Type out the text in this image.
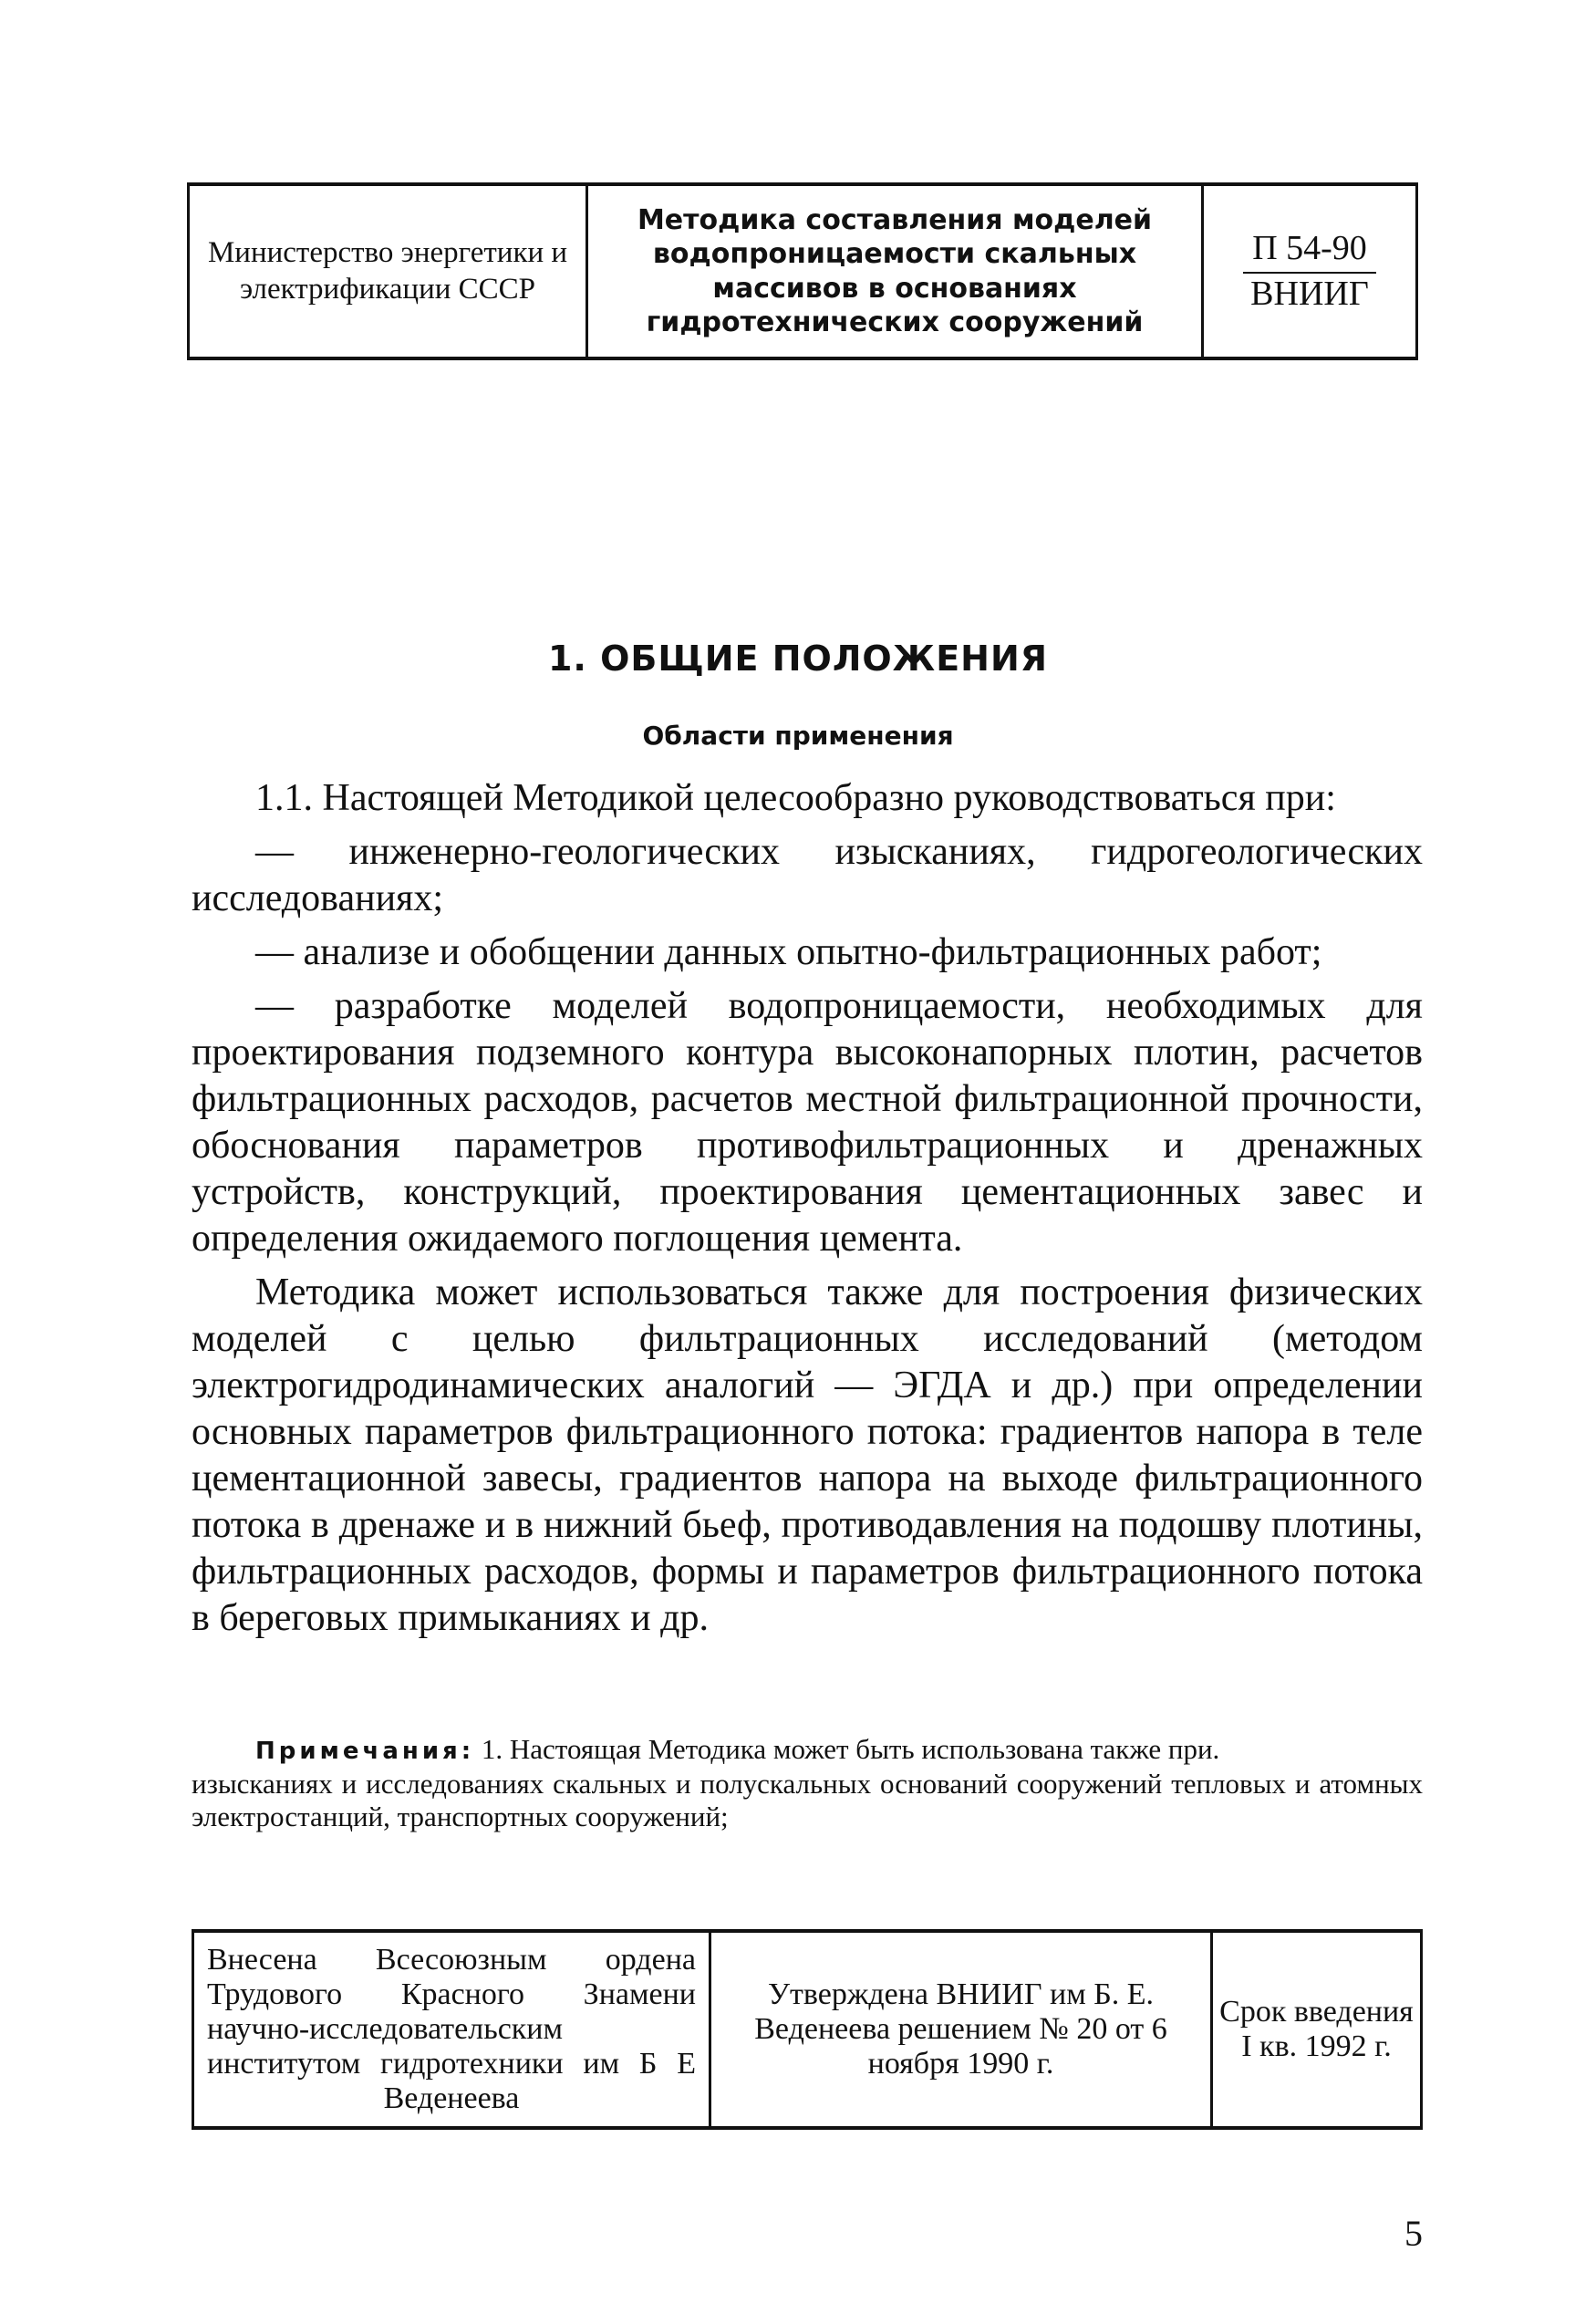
Министерство энергетики и электрификации СССР
Методика составления моделей водопроницаемости скальных массивов в основаниях гидротехнических сооружений
П 54-90
ВНИИГ
1. ОБЩИЕ ПОЛОЖЕНИЯ
Области применения

1.1. Настоящей Методикой целесообразно руководствоваться при:

— инженерно-геологических изысканиях, гидрогеологических исследованиях;

— анализе и обобщении данных опытно-фильтрационных работ;

— разработке моделей водопроницаемости, необходимых для проектирования подземного контура высоконапорных плотин, расчетов фильтрационных расходов, расчетов местной фильтрационной прочности, обоснования параметров противофильтрационных и дренажных устройств, конструкций, проектирования цементационных завес и определения ожидаемого поглощения цемента.

Методика может использоваться также для построения физических моделей с целью фильтрационных исследований (методом электрогидродинамических аналогий — ЭГДА и др.) при определении основных параметров фильтрационного потока: градиентов напора в теле цементационной завесы, градиентов напора на выходе фильтрационного потока в дренаже и в нижний бьеф, противодавления на подошву плотины, фильтрационных расходов, формы и параметров фильтрационного потока в береговых примыканиях и др.

Примечания: 1. Настоящая Методика может быть использована также при.

изысканиях и исследованиях скальных и полускальных оснований сооружений тепловых и атомных электростанций, транспортных сооружений;

Внесена Всесоюзным ордена Трудового Красного Знамени научно-исследовательским институтом гидротехники им Б Е Веденеева
Утверждена ВНИИГ им Б. Е. Веденеева решением № 20 от 6 ноября 1990 г.
Срок введения I кв. 1992 г.
5
